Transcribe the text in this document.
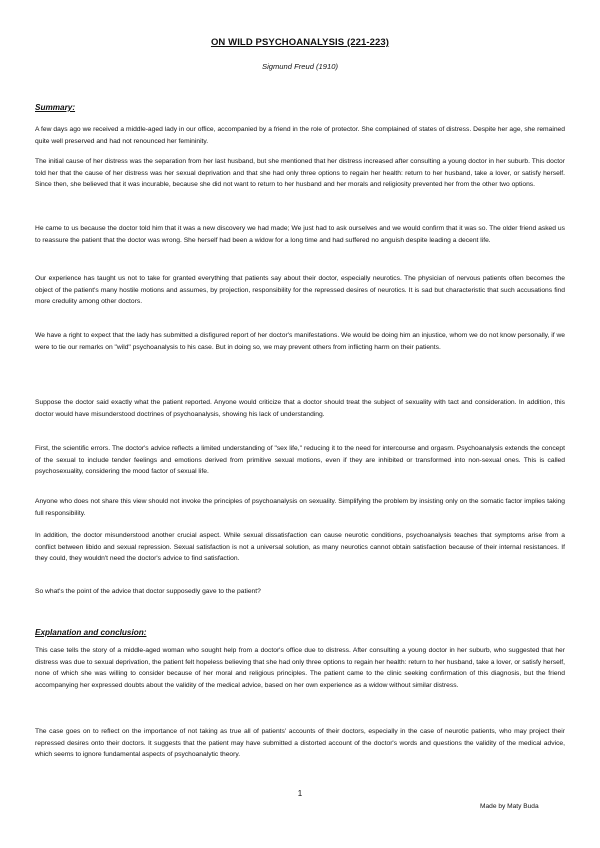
ON WILD PSYCHOANALYSIS (221-223)
Sigmund Freud (1910)
Summary:

A few days ago we received a middle-aged lady in our office, accompanied by a friend in the role of protector. She complained of states of distress. Despite her age, she remained quite well preserved and had not renounced her femininity.

The initial cause of her distress was the separation from her last husband, but she mentioned that her distress increased after consulting a young doctor in her suburb. This doctor told her that the cause of her distress was her sexual deprivation and that she had only three options to regain her health: return to her husband, take a lover, or satisfy herself. Since then, she believed that it was incurable, because she did not want to return to her husband and her morals and religiosity prevented her from the other two options.

He came to us because the doctor told him that it was a new discovery we had made; We just had to ask ourselves and we would confirm that it was so. The older friend asked us to reassure the patient that the doctor was wrong. She herself had been a widow for a long time and had suffered no anguish despite leading a decent life.

Our experience has taught us not to take for granted everything that patients say about their doctor, especially neurotics. The physician of nervous patients often becomes the object of the patient's many hostile motions and assumes, by projection, responsibility for the repressed desires of neurotics. It is sad but characteristic that such accusations find more credulity among other doctors.

We have a right to expect that the lady has submitted a disfigured report of her doctor's manifestations. We would be doing him an injustice, whom we do not know personally, if we were to tie our remarks on "wild" psychoanalysis to his case. But in doing so, we may prevent others from inflicting harm on their patients.

Suppose the doctor said exactly what the patient reported. Anyone would criticize that a doctor should treat the subject of sexuality with tact and consideration. In addition, this doctor would have misunderstood doctrines of psychoanalysis, showing his lack of understanding.

First, the scientific errors. The doctor's advice reflects a limited understanding of "sex life," reducing it to the need for intercourse and orgasm. Psychoanalysis extends the concept of the sexual to include tender feelings and emotions derived from primitive sexual motions, even if they are inhibited or transformed into non-sexual ones. This is called psychosexuality, considering the mood factor of sexual life.

Anyone who does not share this view should not invoke the principles of psychoanalysis on sexuality. Simplifying the problem by insisting only on the somatic factor implies taking full responsibility.

In addition, the doctor misunderstood another crucial aspect. While sexual dissatisfaction can cause neurotic conditions, psychoanalysis teaches that symptoms arise from a conflict between libido and sexual repression. Sexual satisfaction is not a universal solution, as many neurotics cannot obtain satisfaction because of their internal resistances. If they could, they wouldn't need the doctor's advice to find satisfaction.

So what's the point of the advice that doctor supposedly gave to the patient?

Explanation and conclusion:

This case tells the story of a middle-aged woman who sought help from a doctor's office due to distress. After consulting a young doctor in her suburb, who suggested that her distress was due to sexual deprivation, the patient felt hopeless believing that she had only three options to regain her health: return to her husband, take a lover, or satisfy herself, none of which she was willing to consider because of her moral and religious principles. The patient came to the clinic seeking confirmation of this diagnosis, but the friend accompanying her expressed doubts about the validity of the medical advice, based on her own experience as a widow without similar distress.

The case goes on to reflect on the importance of not taking as true all of patients' accounts of their doctors, especially in the case of neurotic patients, who may project their repressed desires onto their doctors. It suggests that the patient may have submitted a distorted account of the doctor's words and questions the validity of the medical advice, which seems to ignore fundamental aspects of psychoanalytic theory.

1
Made by Maty Buda
